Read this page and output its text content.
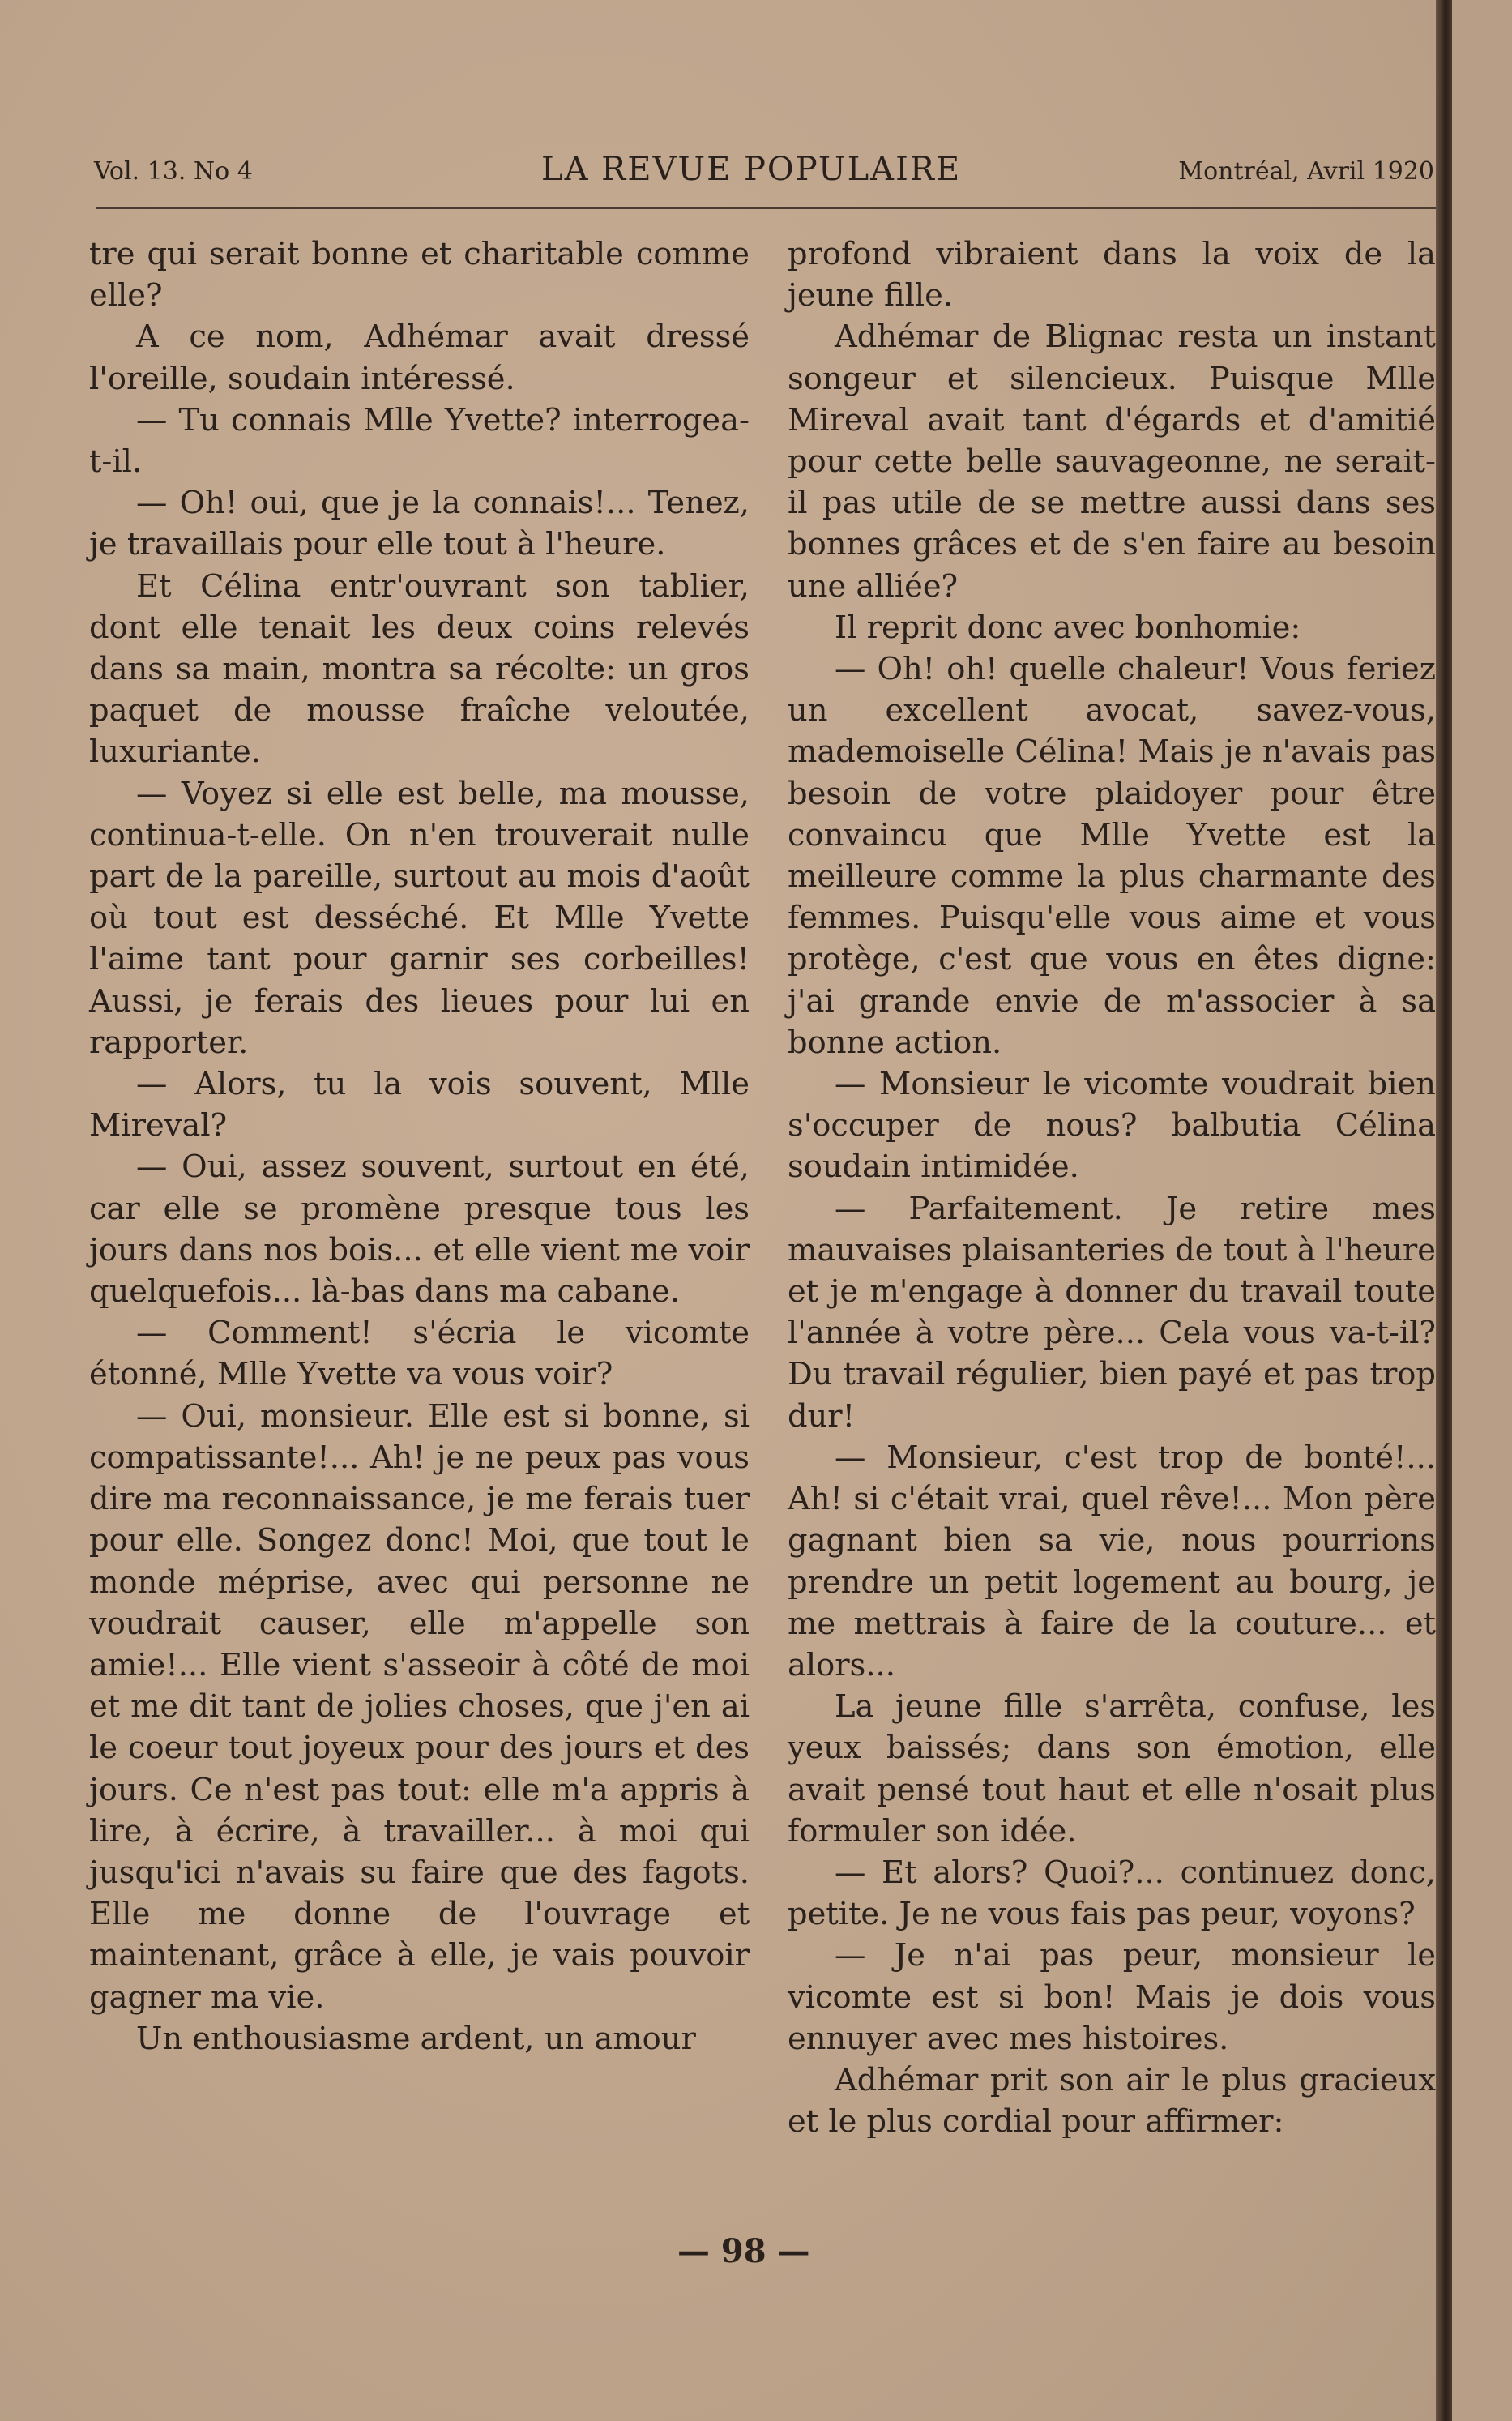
Vol. 13. No 4	LA REVUE POPULAIRE	Montréal, Avril 1920

tre qui serait bonne et charitable comme elle?

A ce nom, Adhémar avait dressé l'oreille, soudain intéressé.

— Tu connais Mlle Yvette? interrogea-t-il.

— Oh! oui, que je la connais!... Tenez, je travaillais pour elle tout à l'heure.

Et Célina entr'ouvrant son tablier, dont elle tenait les deux coins relevés dans sa main, montra sa récolte: un gros paquet de mousse fraîche veloutée, luxuriante.

— Voyez si elle est belle, ma mousse, continua-t-elle. On n'en trouverait nulle part de la pareille, surtout au mois d'août où tout est desséché. Et Mlle Yvette l'aime tant pour garnir ses corbeilles! Aussi, je ferais des lieues pour lui en rapporter.

— Alors, tu la vois souvent, Mlle Mireval?

— Oui, assez souvent, surtout en été, car elle se promène presque tous les jours dans nos bois... et elle vient me voir quelquefois... là-bas dans ma cabane.

— Comment! s'écria le vicomte étonné, Mlle Yvette va vous voir?

— Oui, monsieur. Elle est si bonne, si compatissante!... Ah! je ne peux pas vous dire ma reconnaissance, je me ferais tuer pour elle. Songez donc! Moi, que tout le monde méprise, avec qui personne ne voudrait causer, elle m'appelle son amie!... Elle vient s'asseoir à côté de moi et me dit tant de jolies choses, que j'en ai le coeur tout joyeux pour des jours et des jours. Ce n'est pas tout: elle m'a appris à lire, à écrire, à travailler... à moi qui jusqu'ici n'avais su faire que des fagots. Elle me donne de l'ouvrage et maintenant, grâce à elle, je vais pouvoir gagner ma vie.

Un enthousiasme ardent, un amour

profond vibraient dans la voix de la jeune fille.

Adhémar de Blignac resta un instant songeur et silencieux. Puisque Mlle Mireval avait tant d'égards et d'amitié pour cette belle sauvageonne, ne serait-il pas utile de se mettre aussi dans ses bonnes grâces et de s'en faire au besoin une alliée?

Il reprit donc avec bonhomie:

— Oh! oh! quelle chaleur! Vous feriez un excellent avocat, savez-vous, mademoiselle Célina! Mais je n'avais pas besoin de votre plaidoyer pour être convaincu que Mlle Yvette est la meilleure comme la plus charmante des femmes. Puisqu'elle vous aime et vous protège, c'est que vous en êtes digne: j'ai grande envie de m'associer à sa bonne action.

— Monsieur le vicomte voudrait bien s'occuper de nous? balbutia Célina soudain intimidée.

— Parfaitement. Je retire mes mauvaises plaisanteries de tout à l'heure et je m'engage à donner du travail toute l'année à votre père... Cela vous va-t-il? Du travail régulier, bien payé et pas trop dur!

— Monsieur, c'est trop de bonté!... Ah! si c'était vrai, quel rêve!... Mon père gagnant bien sa vie, nous pourrions prendre un petit logement au bourg, je me mettrais à faire de la couture... et alors...

La jeune fille s'arrêta, confuse, les yeux baissés; dans son émotion, elle avait pensé tout haut et elle n'osait plus formuler son idée.

— Et alors? Quoi?... continuez donc, petite. Je ne vous fais pas peur, voyons?

— Je n'ai pas peur, monsieur le vicomte est si bon! Mais je dois vous ennuyer avec mes histoires.

Adhémar prit son air le plus gracieux et le plus cordial pour affirmer:

— 98 —
